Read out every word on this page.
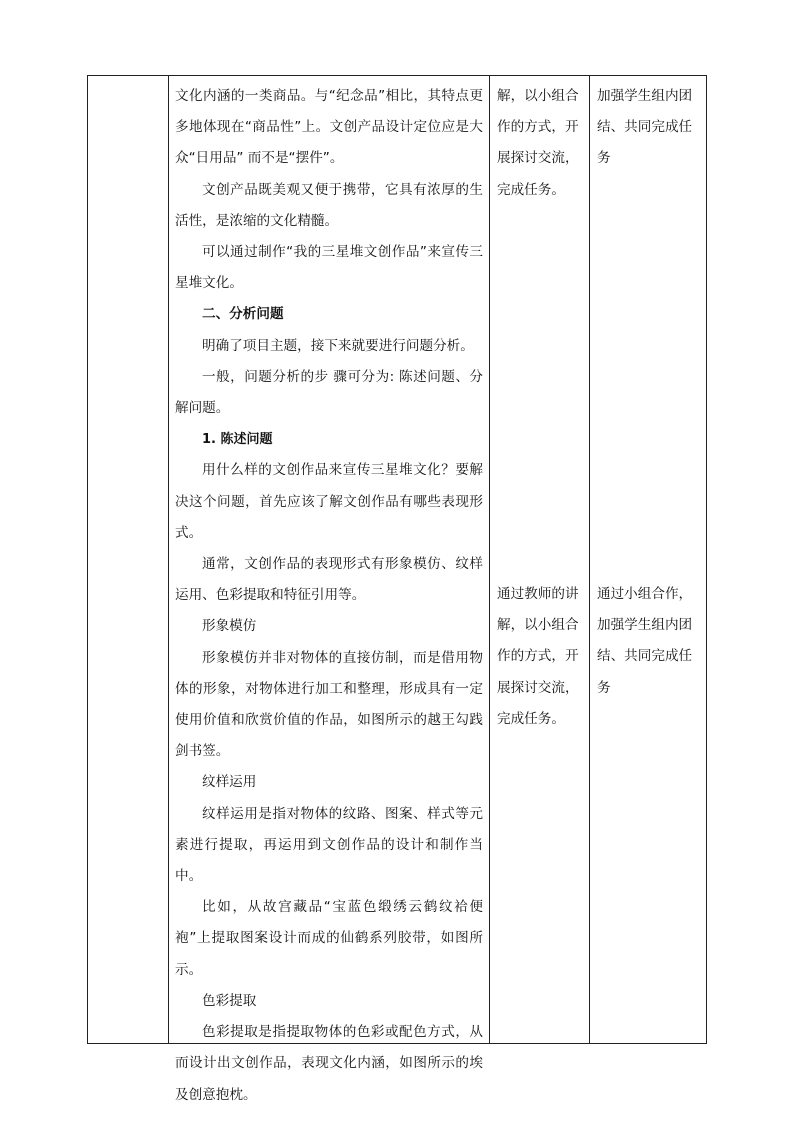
文化内涵的一类商品。与“纪念品”相比，其特点更多地体现在“商品性”上。文创产品设计定位应是大众“日用品” 而不是“摆件”。

文创产品既美观又便于携带，它具有浓厚的生活性，是浓缩的文化精髓。

可以通过制作“我的三星堆文创作品”来宣传三星堆文化。

二、分析问题

明确了项目主题，接下来就要进行问题分析。

一般，问题分析的步 骤可分为: 陈述问题、分解问题。

1. 陈述问题

用什么样的文创作品来宣传三星堆文化？要解决这个问题，首先应该了解文创作品有哪些表现形式。

通常，文创作品的表现形式有形象模仿、纹样运用、色彩提取和特征引用等。

形象模仿

形象模仿并非对物体的直接仿制，而是借用物体的形象，对物体进行加工和整理，形成具有一定使用价值和欣赏价值的作品，如图所示的越王勾践剑书签。

纹样运用

纹样运用是指对物体的纹路、图案、样式等元素进行提取，再运用到文创作品的设计和制作当中。

比如，从故宫藏品“宝蓝色缎绣云鹤纹袷便袍”上提取图案设计而成的仙鹤系列胶带，如图所示。

色彩提取

色彩提取是指提取物体的色彩或配色方式，从而设计出文创作品，表现文化内涵，如图所示的埃及创意抱枕。

解，以小组合

作的方式，开

展探讨交流，

完成任务。

通过教师的讲

解，以小组合

作的方式，开

展探讨交流，

完成任务。

加强学生组内团

结、共同完成任

务

通过小组合作，

加强学生组内团

结、共同完成任

务
